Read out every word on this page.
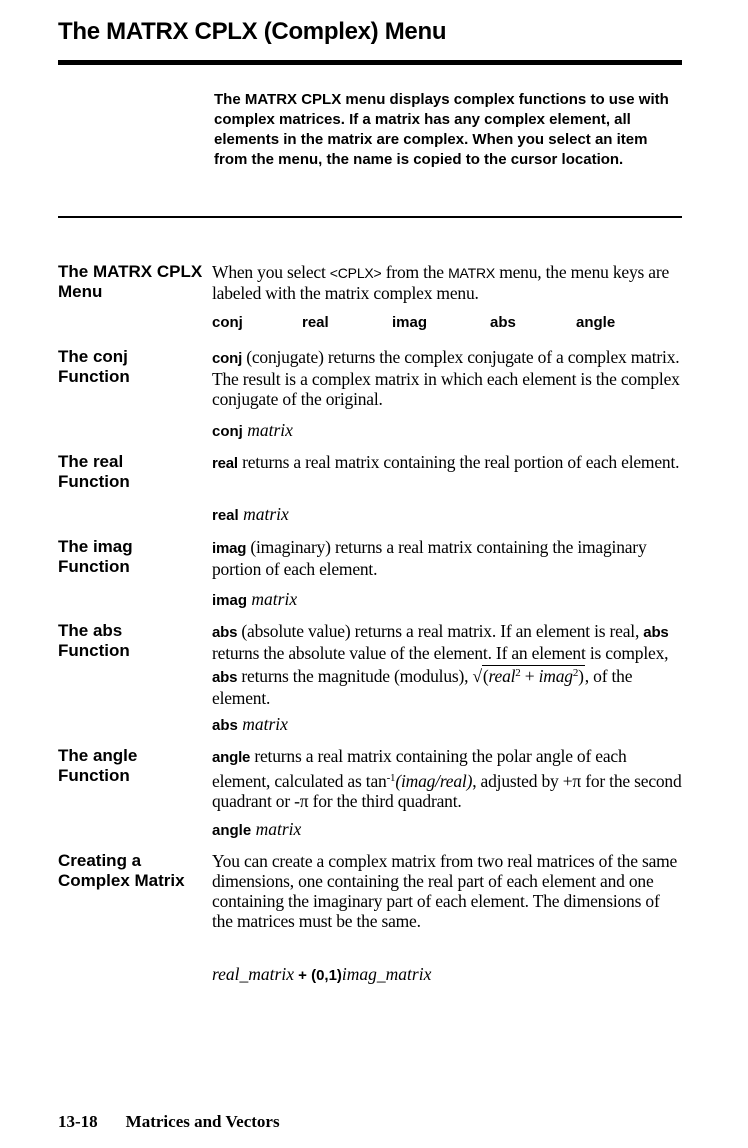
The MATRX CPLX (Complex) Menu
The MATRX CPLX menu displays complex functions to use with complex matrices. If a matrix has any complex element, all elements in the matrix are complex. When you select an item from the menu, the name is copied to the cursor location.
The MATRX CPLX
Menu
When you select <CPLX> from the MATRX menu, the menu keys are labeled with the matrix complex menu.
conj	real	imag	abs	angle
The conj
Function
conj (conjugate) returns the complex conjugate of a complex matrix. The result is a complex matrix in which each element is the complex conjugate of the original.
conj matrix
The real
Function
real returns a real matrix containing the real portion of each element.
real matrix
The imag
Function
imag (imaginary) returns a real matrix containing the imaginary portion of each element.
imag matrix
The abs
Function
abs (absolute value) returns a real matrix. If an element is real, abs returns the absolute value of the element. If an element is complex, abs returns the magnitude (modulus), √(real$^2$ + imag$^2$), of the element.
abs matrix
The angle
Function
angle returns a real matrix containing the polar angle of each element, calculated as $\tan^{-1}(imag/real)$, adjusted by +π for the second quadrant or -π for the third quadrant.
angle matrix
Creating a
Complex Matrix
You can create a complex matrix from two real matrices of the same dimensions, one containing the real part of each element and one containing the imaginary part of each element. The dimensions of the matrices must be the same.
real_matrix + (0,1)imag_matrix
13-18 Matrices and Vectors
